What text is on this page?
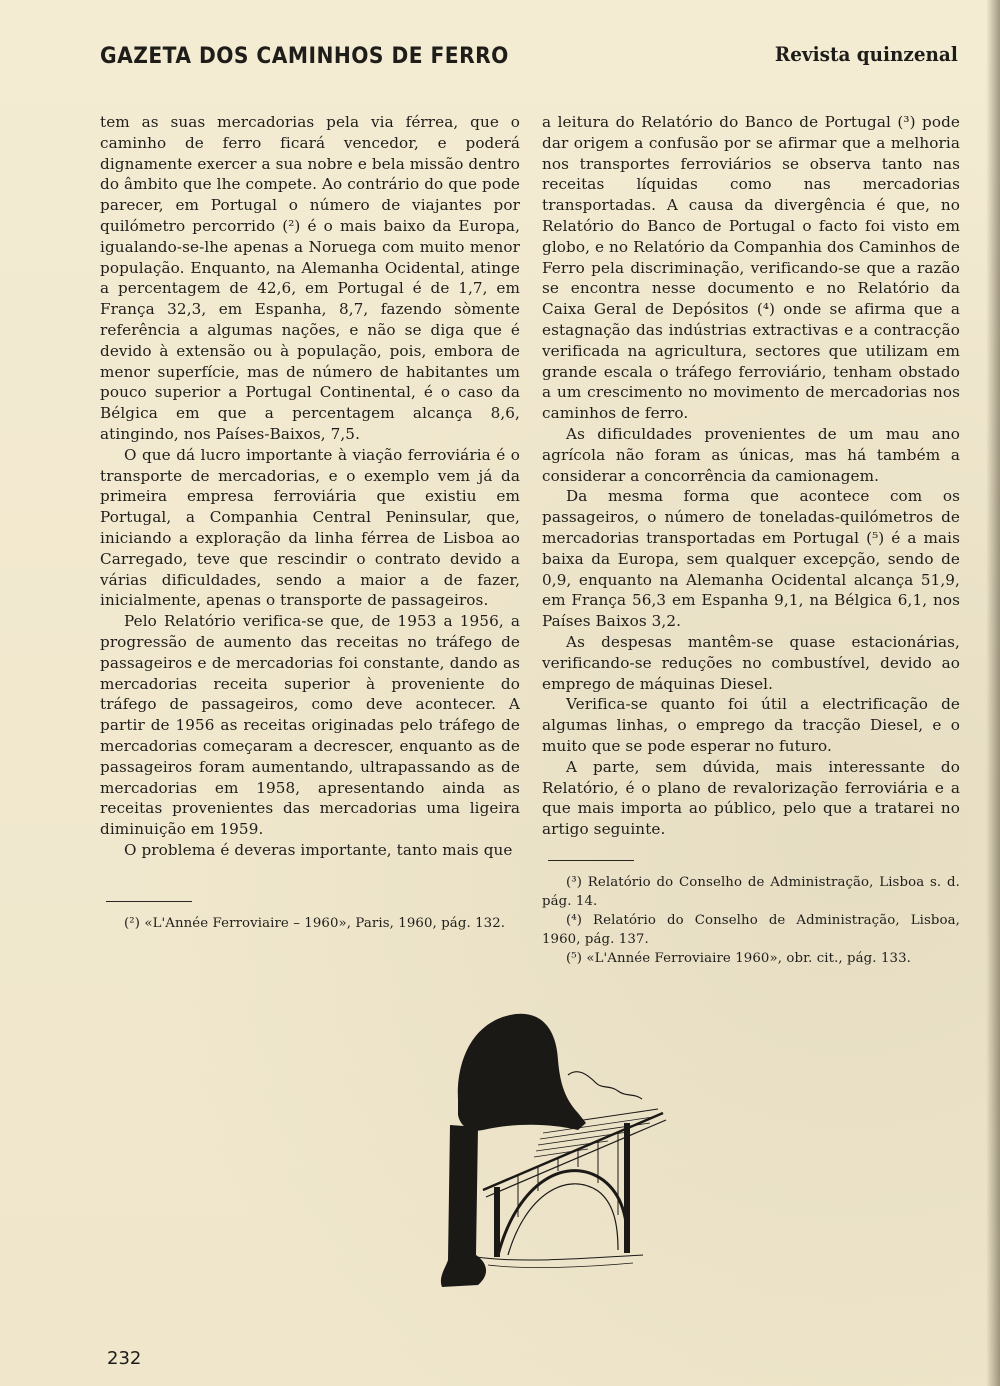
GAZETA DOS CAMINHOS DE FERRO	Revista quinzenal

tem as suas mercadorias pela via férrea, que o caminho de ferro ficará vencedor, e poderá dignamente exercer a sua nobre e bela missão dentro do âmbito que lhe compete. Ao contrário do que pode parecer, em Portugal o número de viajantes por quilómetro percorrido (²) é o mais baixo da Europa, igualando-se-lhe apenas a Noruega com muito menor população. Enquanto, na Alemanha Ocidental, atinge a percentagem de 42,6, em Portugal é de 1,7, em França 32,3, em Espanha, 8,7, fazendo sòmente referência a algumas nações, e não se diga que é devido à extensão ou à população, pois, embora de menor superfície, mas de número de habitantes um pouco superior a Portugal Continental, é o caso da Bélgica em que a percentagem alcança 8,6, atingindo, nos Países-Baixos, 7,5.

O que dá lucro importante à viação ferroviária é o transporte de mercadorias, e o exemplo vem já da primeira empresa ferroviária que existiu em Portugal, a Companhia Central Peninsular, que, iniciando a exploração da linha férrea de Lisboa ao Carregado, teve que rescindir o contrato devido a várias dificuldades, sendo a maior a de fazer, inicialmente, apenas o transporte de passageiros.

Pelo Relatório verifica-se que, de 1953 a 1956, a progressão de aumento das receitas no tráfego de passageiros e de mercadorias foi constante, dando as mercadorias receita superior à proveniente do tráfego de passageiros, como deve acontecer. A partir de 1956 as receitas originadas pelo tráfego de mercadorias começaram a decrescer, enquanto as de passageiros foram aumentando, ultrapassando as de mercadorias em 1958, apresentando ainda as receitas provenientes das mercadorias uma ligeira diminuição em 1959.

O problema é deveras importante, tanto mais que

(²) «L'Année Ferroviaire – 1960», Paris, 1960, pág. 132.

a leitura do Relatório do Banco de Portugal (³) pode dar origem a confusão por se afirmar que a melhoria nos transportes ferroviários se observa tanto nas receitas líquidas como nas mercadorias transportadas. A causa da divergência é que, no Relatório do Banco de Portugal o facto foi visto em globo, e no Relatório da Companhia dos Caminhos de Ferro pela discriminação, verificando-se que a razão se encontra nesse documento e no Relatório da Caixa Geral de Depósitos (⁴) onde se afirma que a estagnação das indústrias extractivas e a contracção verificada na agricultura, sectores que utilizam em grande escala o tráfego ferroviário, tenham obstado a um crescimento no movimento de mercadorias nos caminhos de ferro.

As dificuldades provenientes de um mau ano agrícola não foram as únicas, mas há também a considerar a concorrência da camionagem.

Da mesma forma que acontece com os passageiros, o número de toneladas-quilómetros de mercadorias transportadas em Portugal (⁵) é a mais baixa da Europa, sem qualquer excepção, sendo de 0,9, enquanto na Alemanha Ocidental alcança 51,9, em França 56,3 em Espanha 9,1, na Bélgica 6,1, nos Países Baixos 3,2.

As despesas mantêm-se quase estacionárias, verificando-se reduções no combustível, devido ao emprego de máquinas Diesel.

Verifica-se quanto foi útil a electrificação de algumas linhas, o emprego da tracção Diesel, e o muito que se pode esperar no futuro.

A parte, sem dúvida, mais interessante do Relatório, é o plano de revalorização ferroviária e a que mais importa ao público, pelo que a tratarei no artigo seguinte.

(³) Relatório do Conselho de Administração, Lisboa s. d. pág. 14.

(⁴) Relatório do Conselho de Administração, Lisboa, 1960, pág. 137.

(⁵) «L'Année Ferroviaire 1960», obr. cit., pág. 133.

232
